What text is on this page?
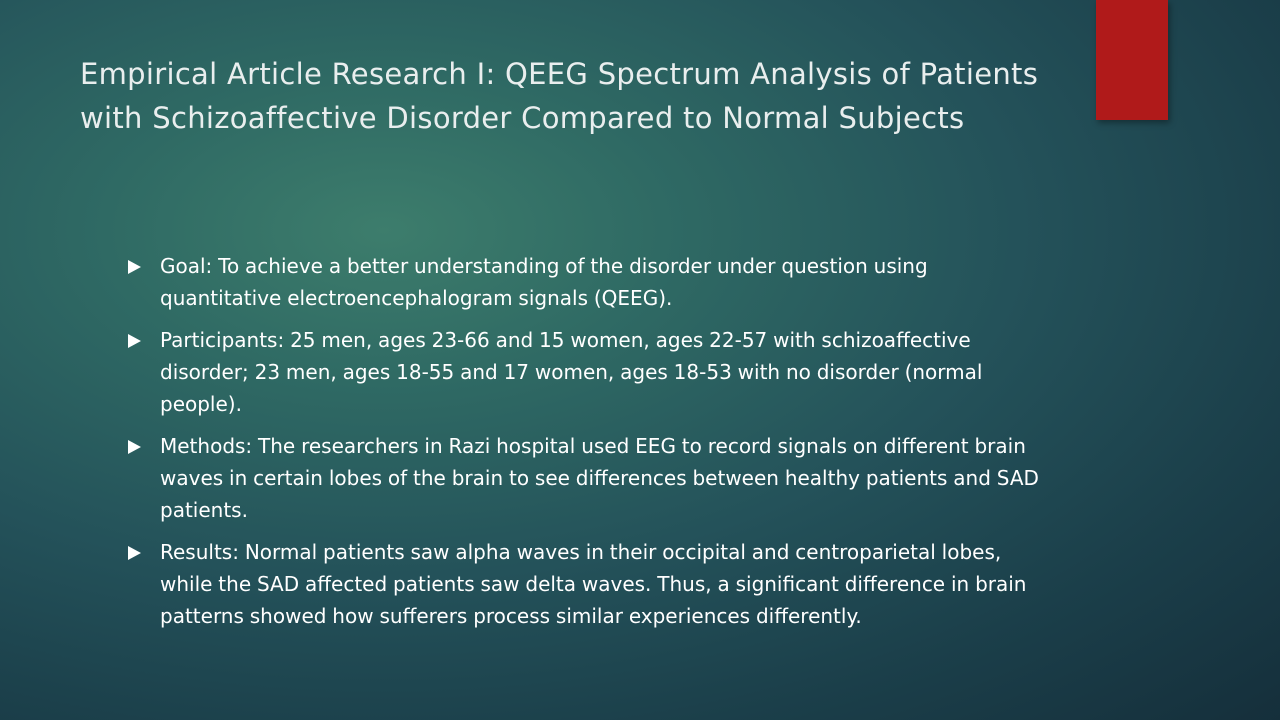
Empirical Article Research I: QEEG Spectrum Analysis of Patients with Schizoaffective Disorder Compared to Normal Subjects
Goal: To achieve a better understanding of the disorder under question using quantitative electroencephalogram signals (QEEG).
Participants: 25 men, ages 23-66 and 15 women, ages 22-57 with schizoaffective disorder; 23 men, ages 18-55 and 17 women, ages 18-53 with no disorder (normal people).
Methods: The researchers in Razi hospital used EEG to record signals on different brain waves in certain lobes of the brain to see differences between healthy patients and SAD patients.
Results: Normal patients saw alpha waves in their occipital and centroparietal lobes, while the SAD affected patients saw delta waves. Thus, a significant difference in brain patterns showed how sufferers process similar experiences differently.
